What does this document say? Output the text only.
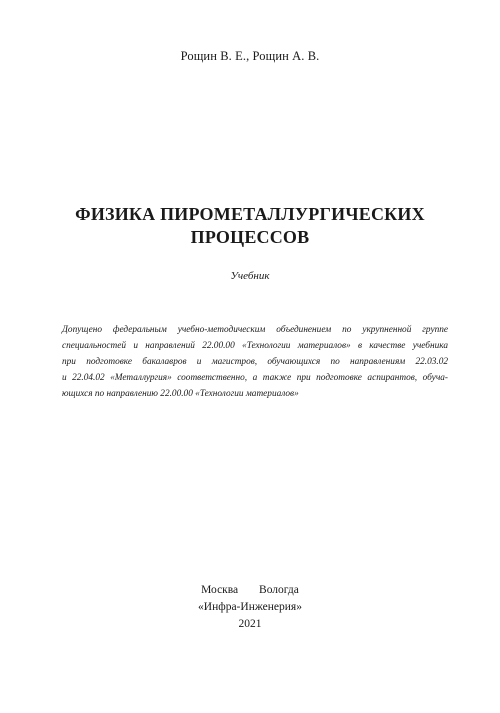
Рощин В. Е., Рощин А. В.
ФИЗИКА ПИРОМЕТАЛЛУРГИЧЕСКИХ
ПРОЦЕССОВ
Учебник
Допущено федеральным учебно-методическим объединением по укрупненной группе
специальностей и направлений 22.00.00 «Технологии материалов» в качестве учебника
при подготовке бакалавров и магистров, обучающихся по направлениям 22.03.02
и 22.04.02 «Металлургия» соответственно, а также при подготовке аспирантов, обуча-
ющихся по направлению 22.00.00 «Технологии материалов»
Москва Вологда
«Инфра-Инженерия»
2021
